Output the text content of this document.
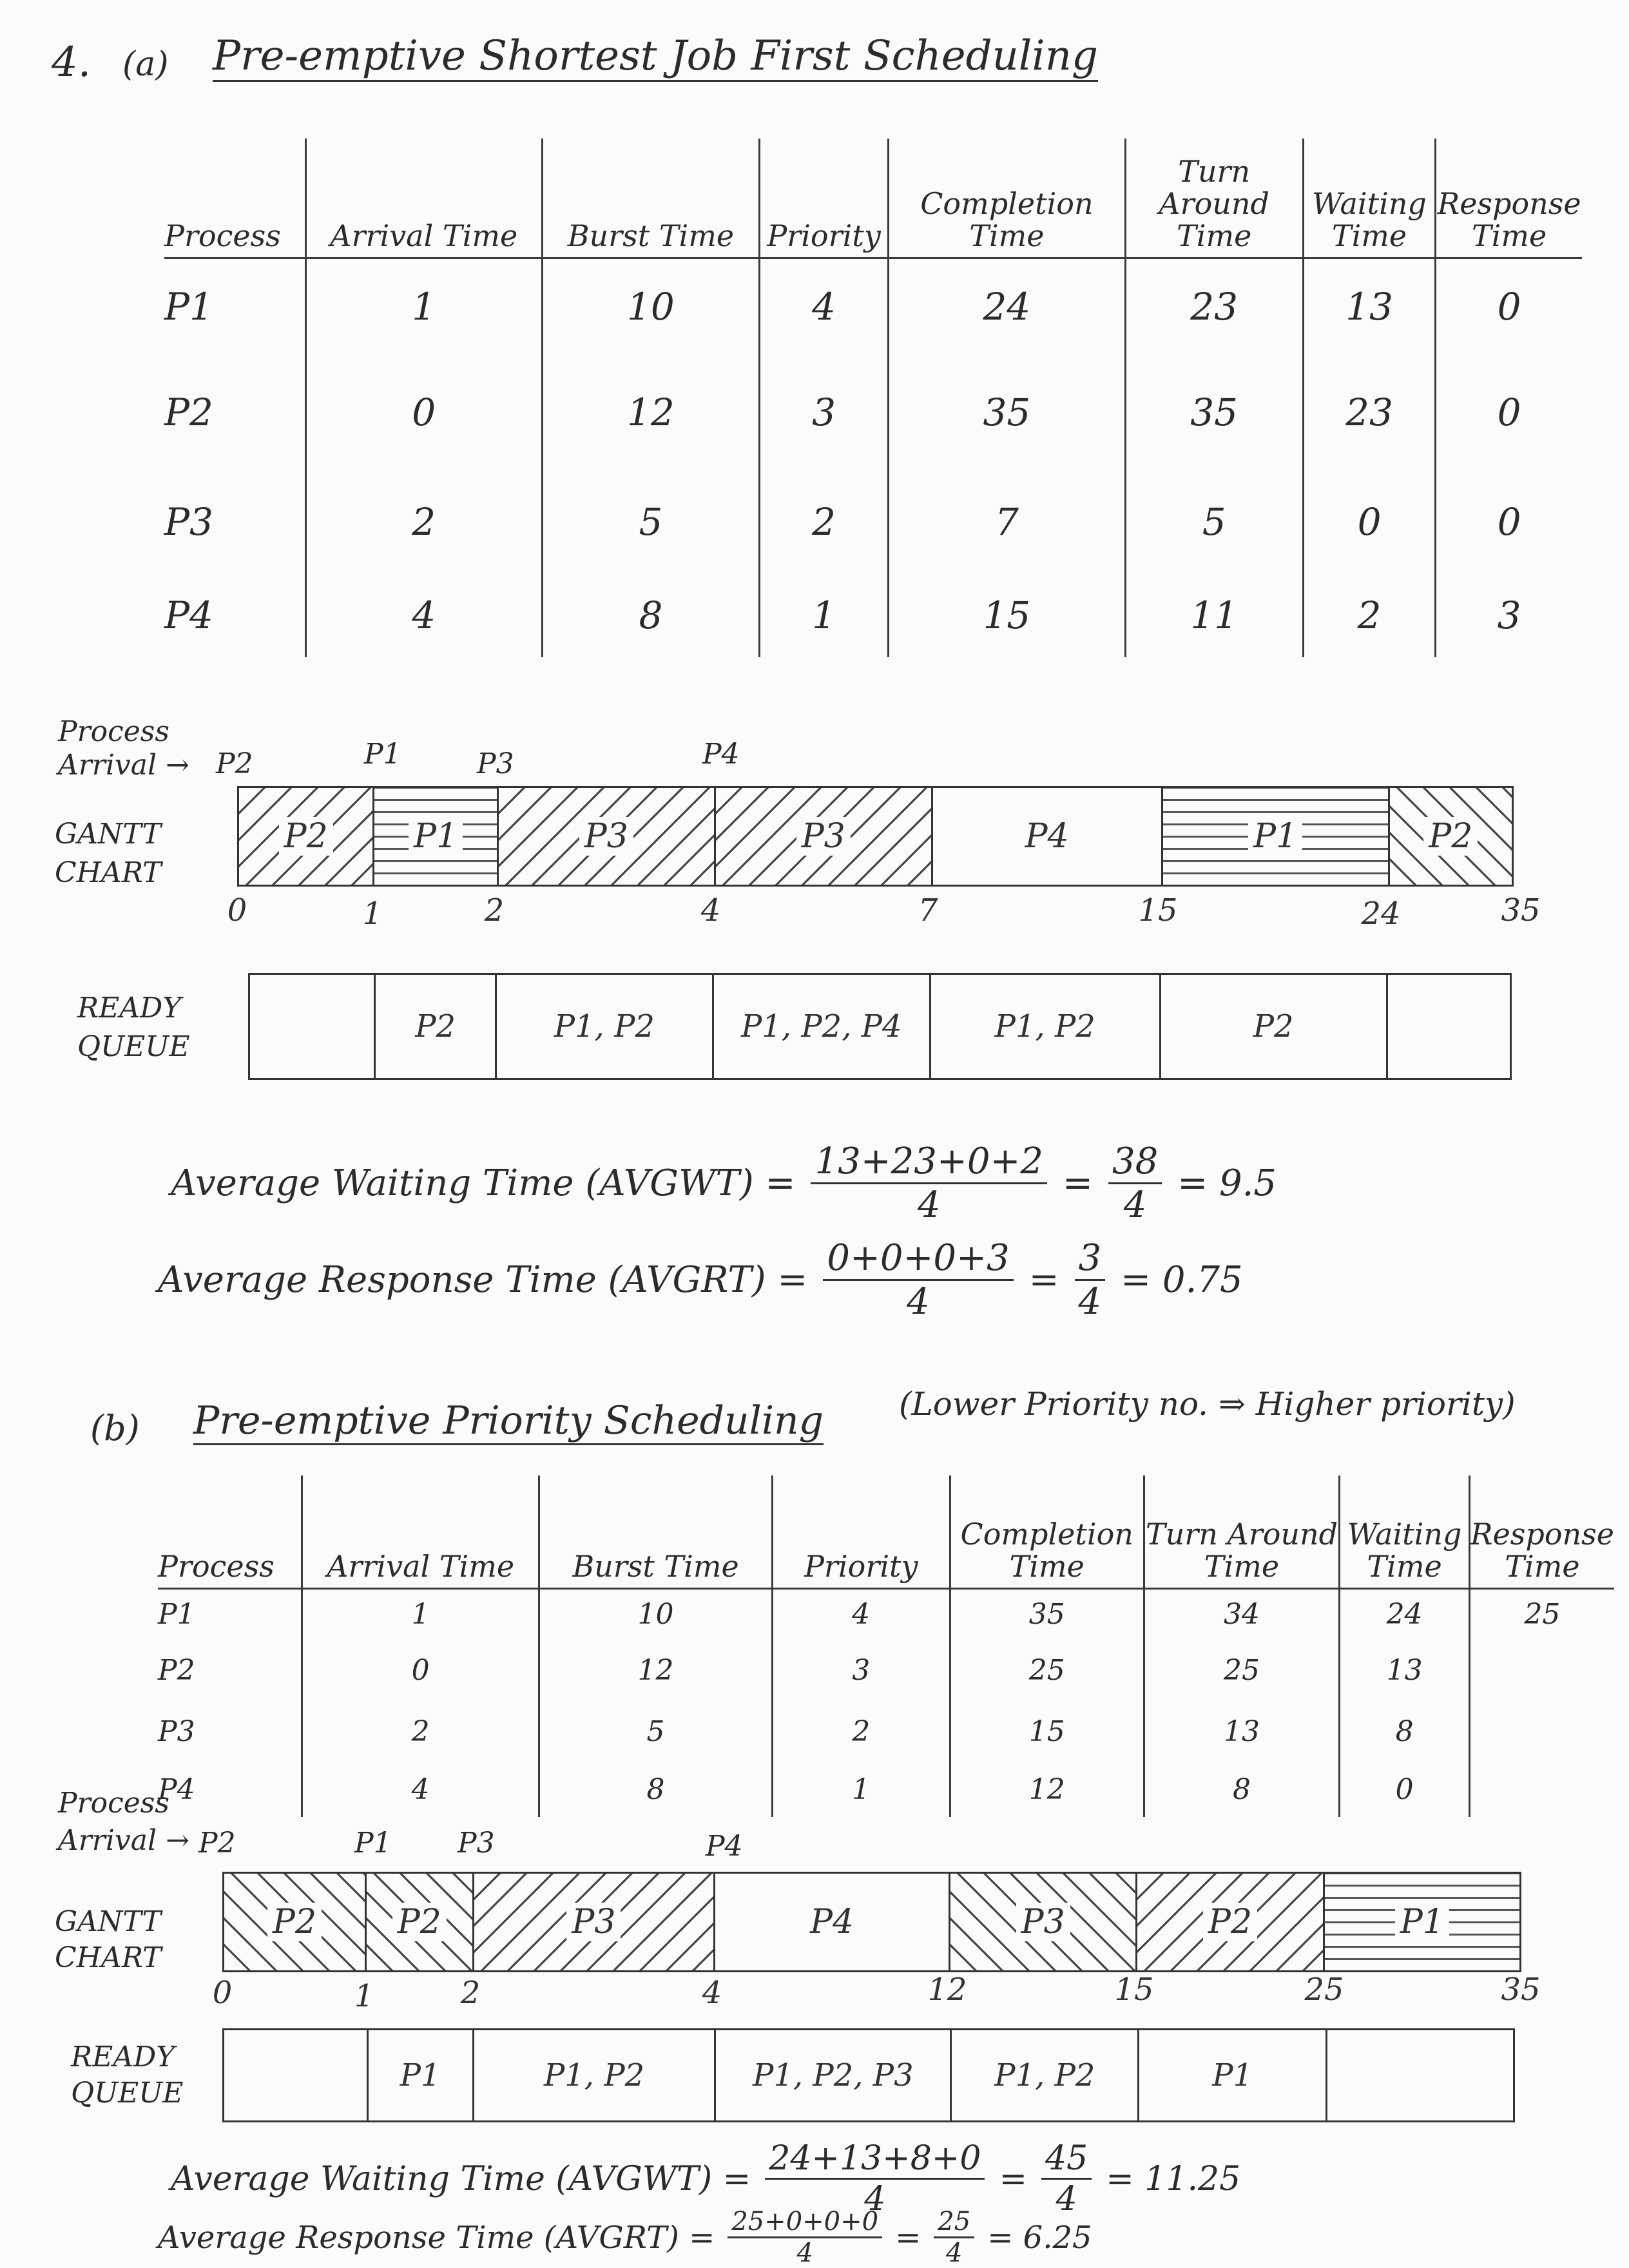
4. (a) Pre-emptive Shortest Job First Scheduling
Process	Arrival Time	Burst Time	Priority	Completion Time	Turn Around Time	Waiting Time	Response Time
P1	1	10	4	24	23	13	0
P2	0	12	3	35	35	23	0
P3	2	5	2	7	5	0	0
P4	4	8	1	15	11	2	3
Process
Arrival → P2	P1	P3	P4
GANTT
CHART
P2	P1	P3	P3	P4	P1	P2
0	1	2	4	7	15	24	35
READY
QUEUE
P2	P1, P2	P1, P2, P4	P1, P2	P2
Average Waiting Time (AVGWT) = $\frac{13+23+0+2}{4} = \frac{38}{4} = 9.5$
Average Response Time (AVGRT) = $\frac{0+0+0+3}{4} = \frac{3}{4} = 0.75$
(b) Pre-emptive Priority Scheduling (Lower Priority no. ⇒ Higher priority)
Process	Arrival Time	Burst Time	Priority	Completion Time	Turn Around Time	Waiting Time	Response Time
P1	1	10	4	35	34	24	25
P2	0	12	3	25	25	13	
P3	2	5	2	15	13	8	
P4	4	8	1	12	8	0	
Process
Arrival → P2	P1 P3	P4
GANTT
CHART
P2 P2	P3	P4	P3	P2	P1
0	1	2	4	12	15	25	35
READY
QUEUE	P1	P1, P2	P1, P2, P3	P1, P2	P1
Average Waiting Time (AVGWT) = $\frac{24+13+8+0}{4} = \frac{45}{4} = 11.25$
Average Response Time (AVGRT) = $\frac{25+0+0+0}{4} = \frac{25}{4} = 6.25$
